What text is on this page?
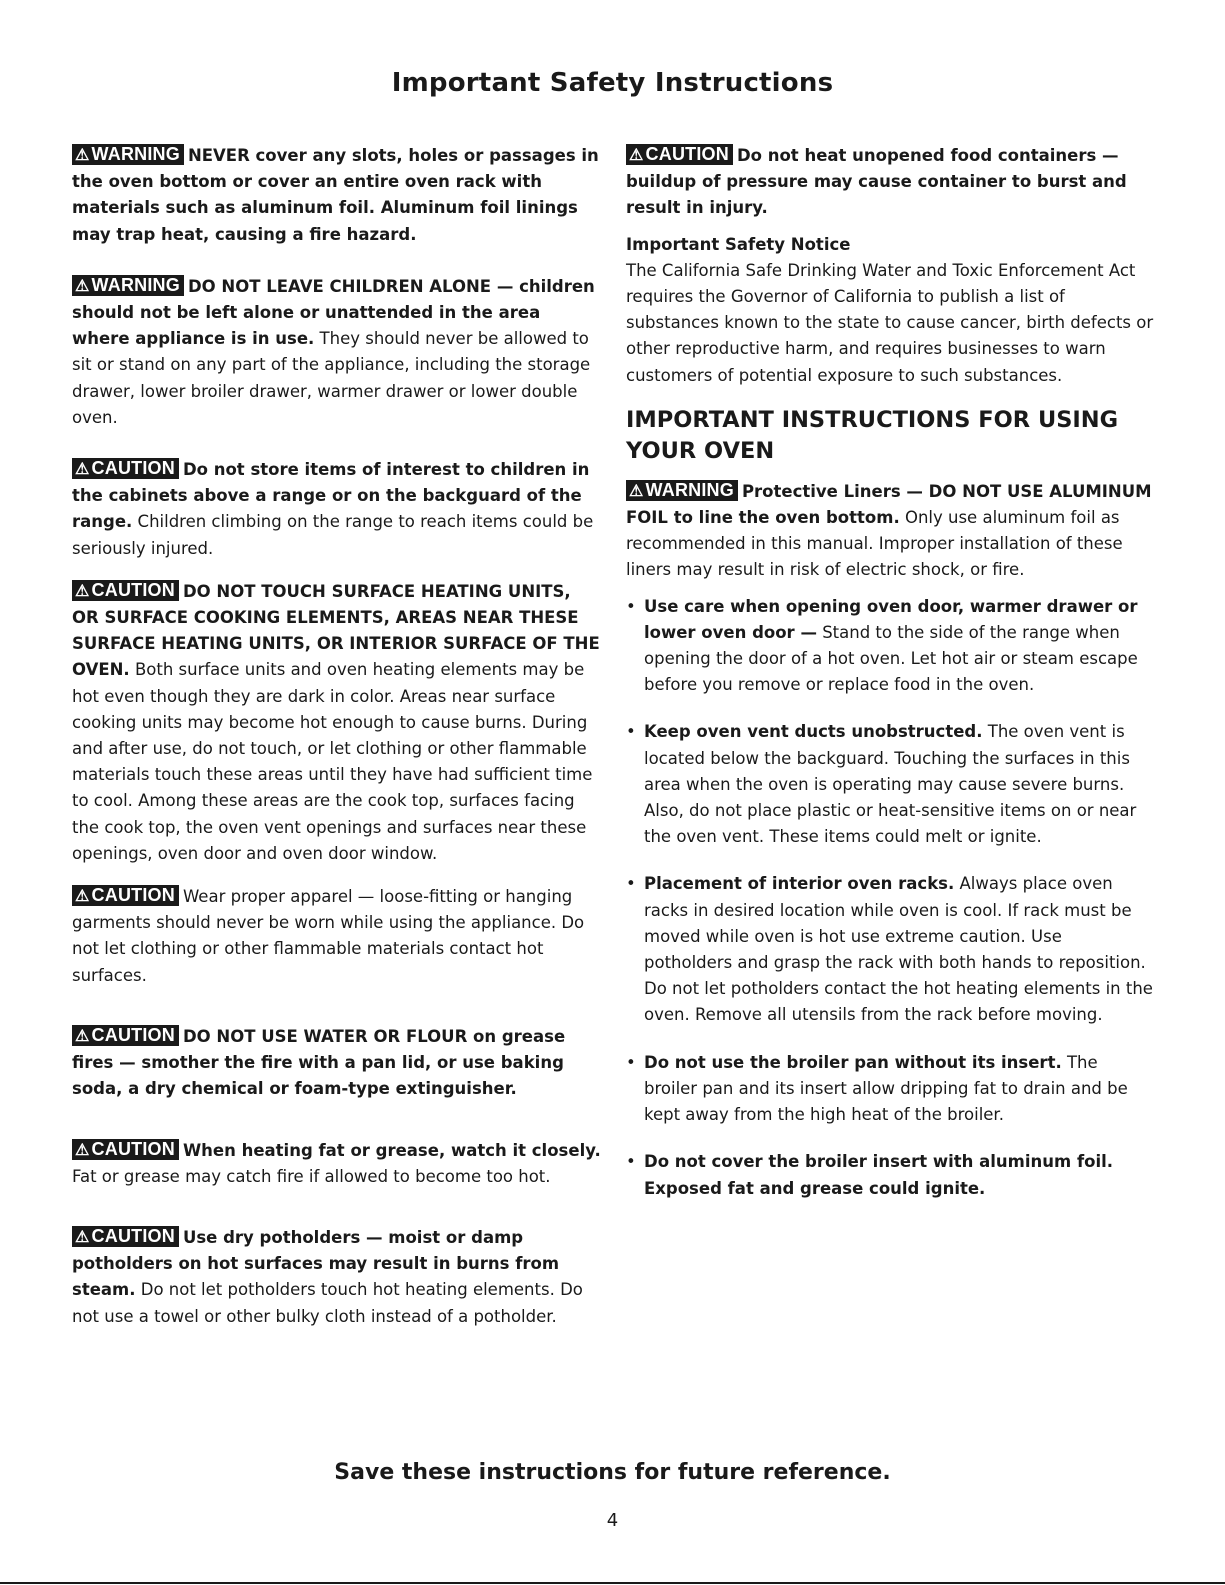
Important Safety Instructions

⚠ WARNING NEVER cover any slots, holes or passages in the oven bottom or cover an entire oven rack with materials such as aluminum foil. Aluminum foil linings may trap heat, causing a fire hazard.

⚠ WARNING DO NOT LEAVE CHILDREN ALONE — children should not be left alone or unattended in the area where appliance is in use. They should never be allowed to sit or stand on any part of the appliance, including the storage drawer, lower broiler drawer, warmer drawer or lower double oven.

⚠ CAUTION Do not store items of interest to children in the cabinets above a range or on the backguard of the range. Children climbing on the range to reach items could be seriously injured.

⚠ CAUTION DO NOT TOUCH SURFACE HEATING UNITS, OR SURFACE COOKING ELEMENTS, AREAS NEAR THESE SURFACE HEATING UNITS, OR INTERIOR SURFACE OF THE OVEN. Both surface units and oven heating elements may be hot even though they are dark in color. Areas near surface cooking units may become hot enough to cause burns. During and after use, do not touch, or let clothing or other flammable materials touch these areas until they have had sufficient time to cool. Among these areas are the cook top, surfaces facing the cook top, the oven vent openings and surfaces near these openings, oven door and oven door window.

⚠ CAUTION Wear proper apparel — loose-fitting or hanging garments should never be worn while using the appliance. Do not let clothing or other flammable materials contact hot surfaces.

⚠ CAUTION DO NOT USE WATER OR FLOUR on grease fires — smother the fire with a pan lid, or use baking soda, a dry chemical or foam-type extinguisher.

⚠ CAUTION When heating fat or grease, watch it closely. Fat or grease may catch fire if allowed to become too hot.

⚠ CAUTION Use dry potholders — moist or damp potholders on hot surfaces may result in burns from steam. Do not let potholders touch hot heating elements. Do not use a towel or other bulky cloth instead of a potholder.

⚠ CAUTION Do not heat unopened food containers — buildup of pressure may cause container to burst and result in injury.

Important Safety Notice

The California Safe Drinking Water and Toxic Enforcement Act requires the Governor of California to publish a list of substances known to the state to cause cancer, birth defects or other reproductive harm, and requires businesses to warn customers of potential exposure to such substances.

IMPORTANT INSTRUCTIONS FOR USING YOUR OVEN

⚠ WARNING Protective Liners — DO NOT USE ALUMINUM FOIL to line the oven bottom. Only use aluminum foil as recommended in this manual. Improper installation of these liners may result in risk of electric shock, or fire.

• Use care when opening oven door, warmer drawer or lower oven door — Stand to the side of the range when opening the door of a hot oven. Let hot air or steam escape before you remove or replace food in the oven.

• Keep oven vent ducts unobstructed. The oven vent is located below the backguard. Touching the surfaces in this area when the oven is operating may cause severe burns. Also, do not place plastic or heat-sensitive items on or near the oven vent. These items could melt or ignite.

• Placement of interior oven racks. Always place oven racks in desired location while oven is cool. If rack must be moved while oven is hot use extreme caution. Use potholders and grasp the rack with both hands to reposition. Do not let potholders contact the hot heating elements in the oven. Remove all utensils from the rack before moving.

• Do not use the broiler pan without its insert. The broiler pan and its insert allow dripping fat to drain and be kept away from the high heat of the broiler.

• Do not cover the broiler insert with aluminum foil. Exposed fat and grease could ignite.

Save these instructions for future reference.
4
